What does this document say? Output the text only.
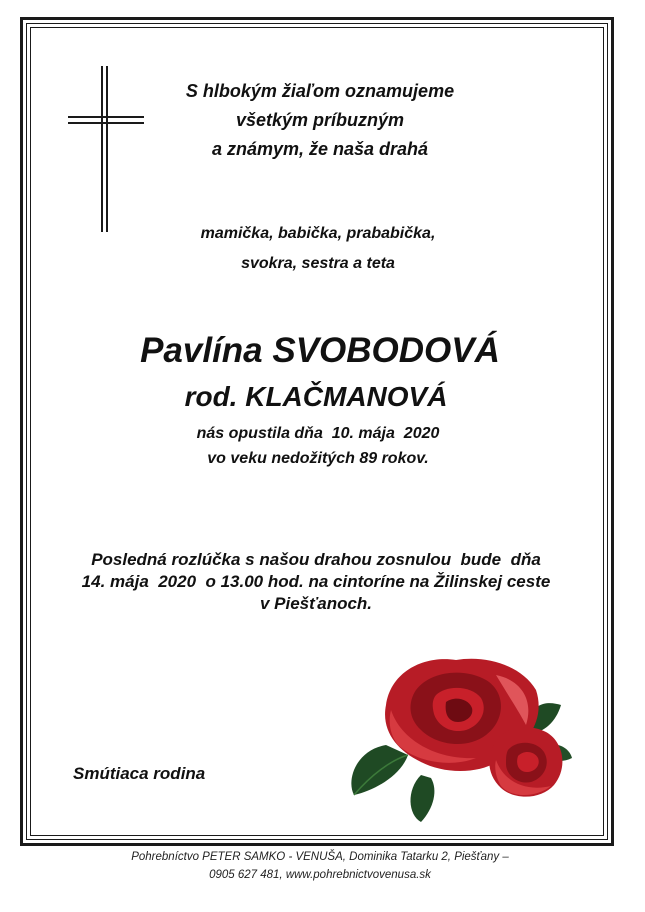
S hlbokým žiaľom oznamujeme
všetkým príbuzným
a známym, že naša drahá
mamička, babička, prababička,
svokra, sestra a teta
Pavlína SVOBODOVÁ
rod. KLAČMANOVÁ
nás opustila dňa  10. mája  2020
vo veku nedožitých 89 rokov.
Posledná rozlúčka s našou drahou zosnulou  bude  dňa
14. mája  2020  o 13.00 hod. na cintoríne na Žilinskej ceste
v Piešťanoch.
Smútiaca rodina
Pohrebníctvo PETER SAMKO - VENUŠA, Dominika Tatarku 2, Piešťany –
0905 627 481, www.pohrebnictvovenusa.sk
